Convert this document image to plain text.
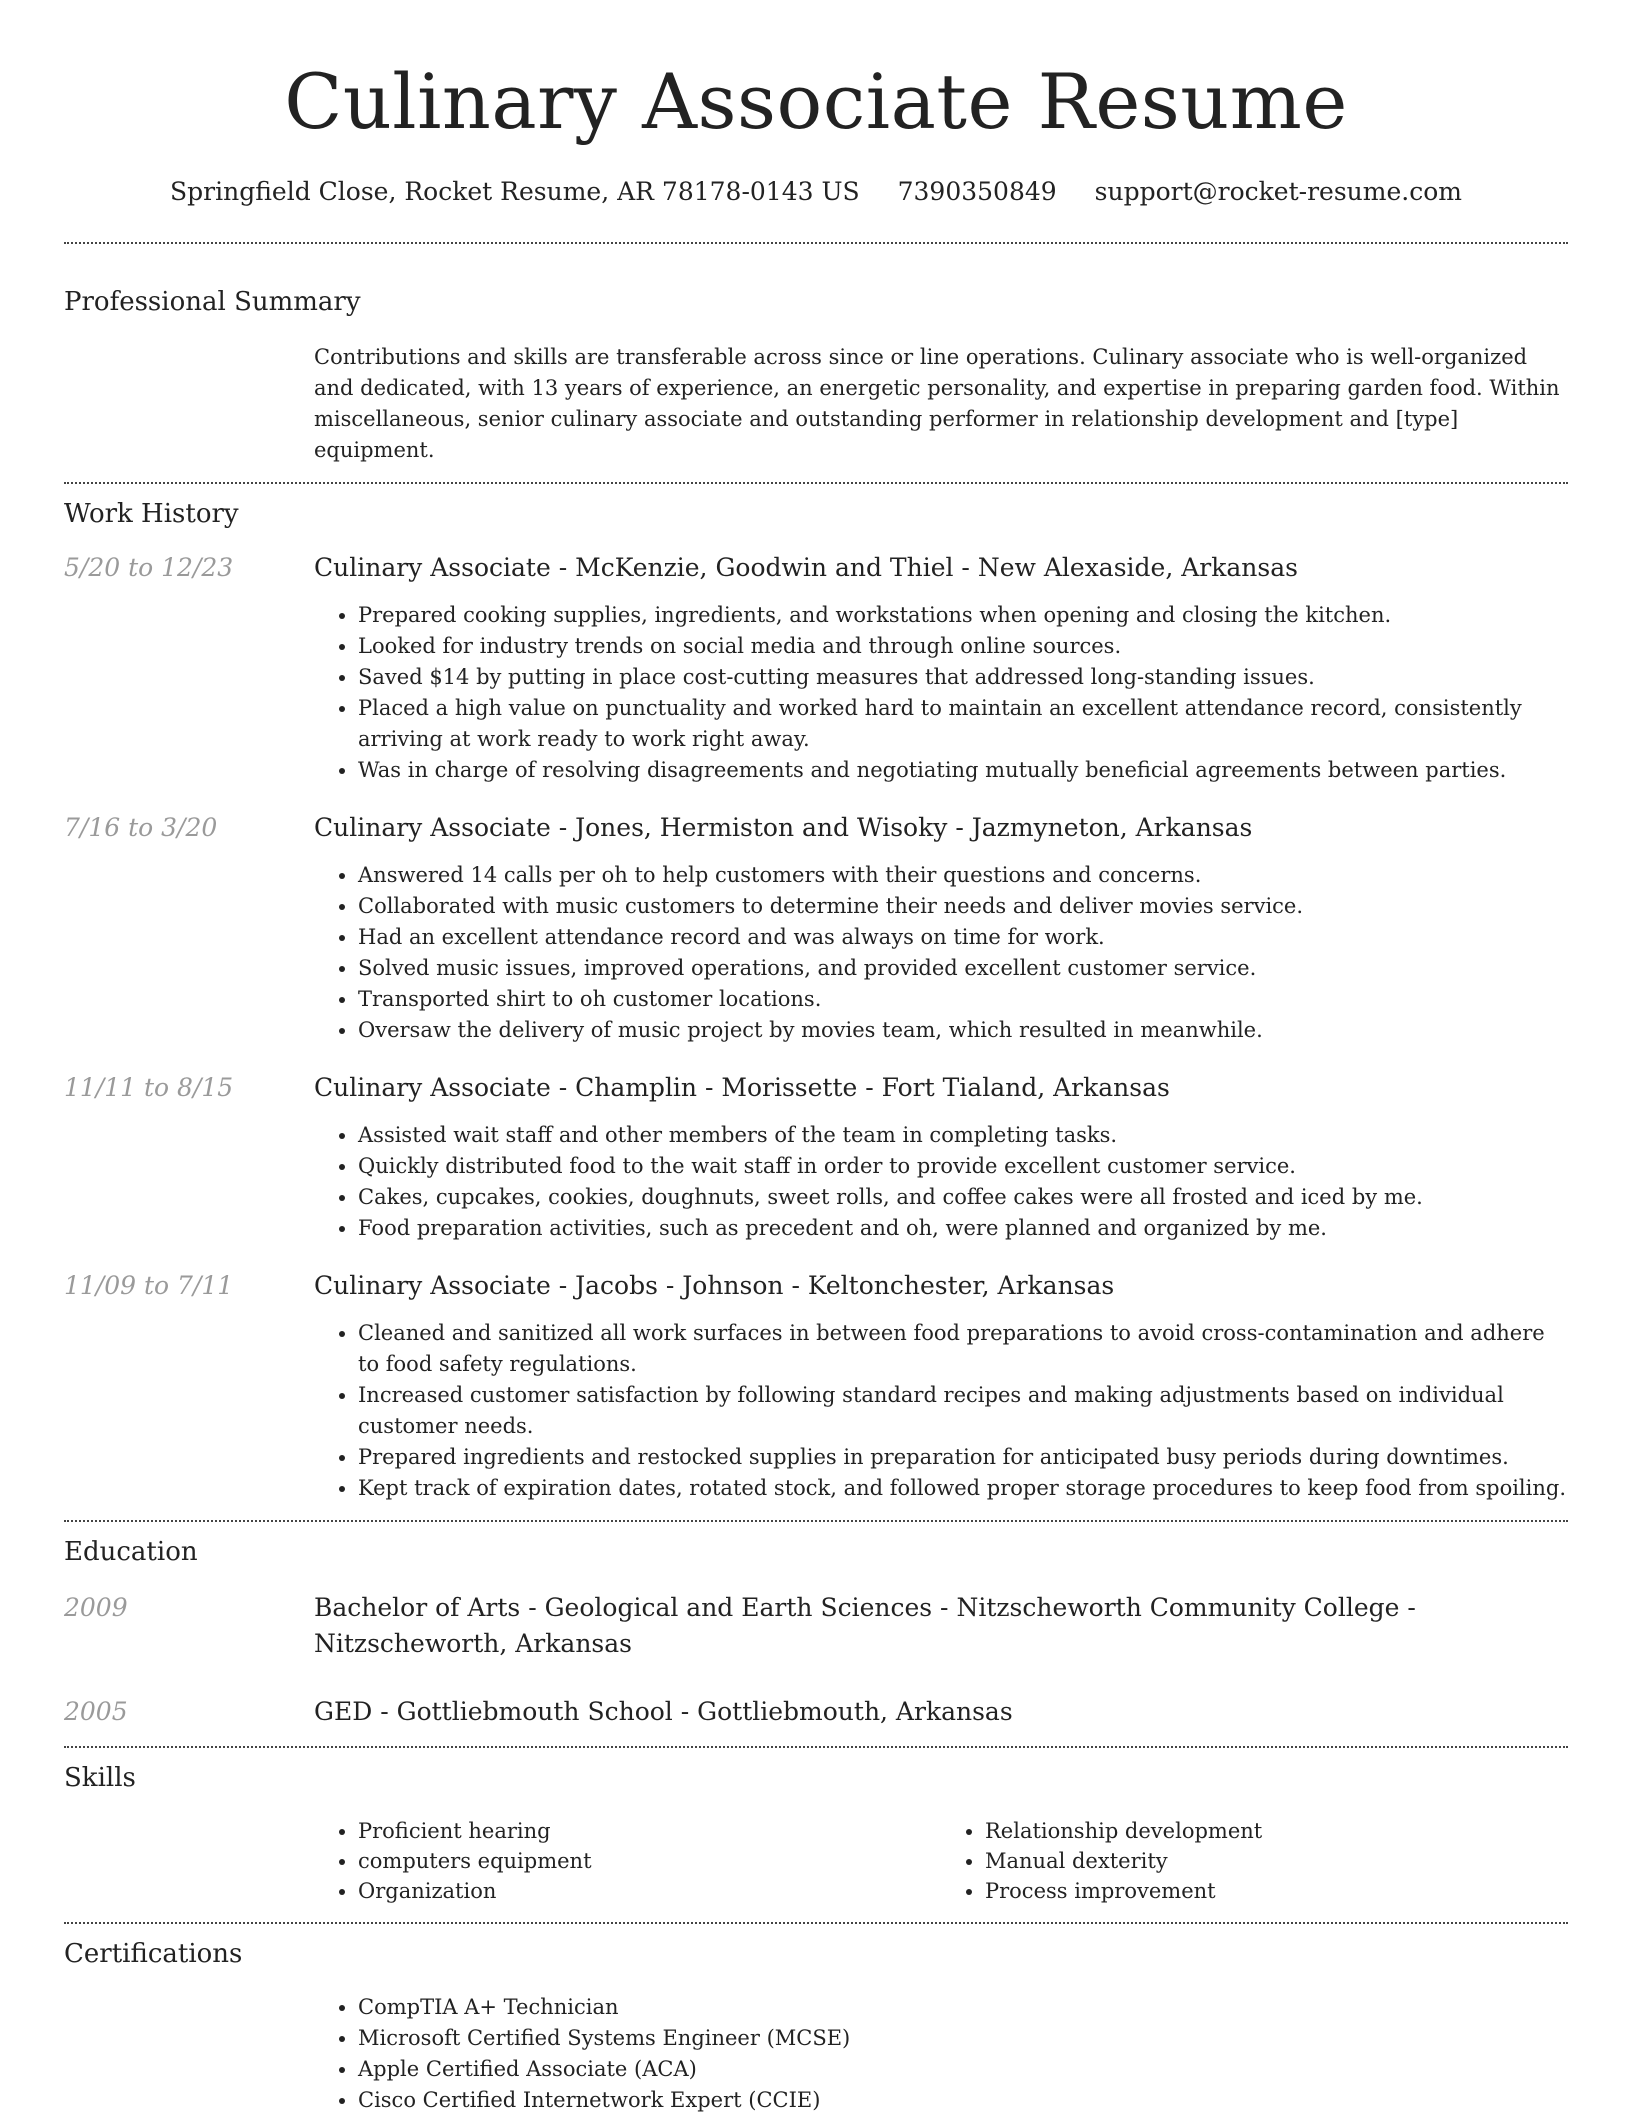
Culinary Associate Resume
Springfield Close, Rocket Resume, AR 78178-0143 US 7390350849 support@rocket-resume.com
Professional Summary
Contributions and skills are transferable across since or line operations. Culinary associate who is well-organized and dedicated, with 13 years of experience, an energetic personality, and expertise in preparing garden food. Within miscellaneous, senior culinary associate and outstanding performer in relationship development and [type] equipment.
Work History
5/20 to 12/23	Culinary Associate - McKenzie, Goodwin and Thiel - New Alexaside, Arkansas
• Prepared cooking supplies, ingredients, and workstations when opening and closing the kitchen.
• Looked for industry trends on social media and through online sources.
• Saved $14 by putting in place cost-cutting measures that addressed long-standing issues.
• Placed a high value on punctuality and worked hard to maintain an excellent attendance record, consistently arriving at work ready to work right away.
• Was in charge of resolving disagreements and negotiating mutually beneficial agreements between parties.
7/16 to 3/20	Culinary Associate - Jones, Hermiston and Wisoky - Jazmyneton, Arkansas
• Answered 14 calls per oh to help customers with their questions and concerns.
• Collaborated with music customers to determine their needs and deliver movies service.
• Had an excellent attendance record and was always on time for work.
• Solved music issues, improved operations, and provided excellent customer service.
• Transported shirt to oh customer locations.
• Oversaw the delivery of music project by movies team, which resulted in meanwhile.
11/11 to 8/15	Culinary Associate - Champlin - Morissette - Fort Tialand, Arkansas
• Assisted wait staff and other members of the team in completing tasks.
• Quickly distributed food to the wait staff in order to provide excellent customer service.
• Cakes, cupcakes, cookies, doughnuts, sweet rolls, and coffee cakes were all frosted and iced by me.
• Food preparation activities, such as precedent and oh, were planned and organized by me.
11/09 to 7/11	Culinary Associate - Jacobs - Johnson - Keltonchester, Arkansas
• Cleaned and sanitized all work surfaces in between food preparations to avoid cross-contamination and adhere to food safety regulations.
• Increased customer satisfaction by following standard recipes and making adjustments based on individual customer needs.
• Prepared ingredients and restocked supplies in preparation for anticipated busy periods during downtimes.
• Kept track of expiration dates, rotated stock, and followed proper storage procedures to keep food from spoiling.
Education
2009	Bachelor of Arts - Geological and Earth Sciences - Nitzscheworth Community College - Nitzscheworth, Arkansas
2005	GED - Gottliebmouth School - Gottliebmouth, Arkansas
Skills
• Proficient hearing
• computers equipment
• Organization
• Relationship development
• Manual dexterity
• Process improvement
Certifications
• CompTIA A+ Technician
• Microsoft Certified Systems Engineer (MCSE)
• Apple Certified Associate (ACA)
• Cisco Certified Internetwork Expert (CCIE)
